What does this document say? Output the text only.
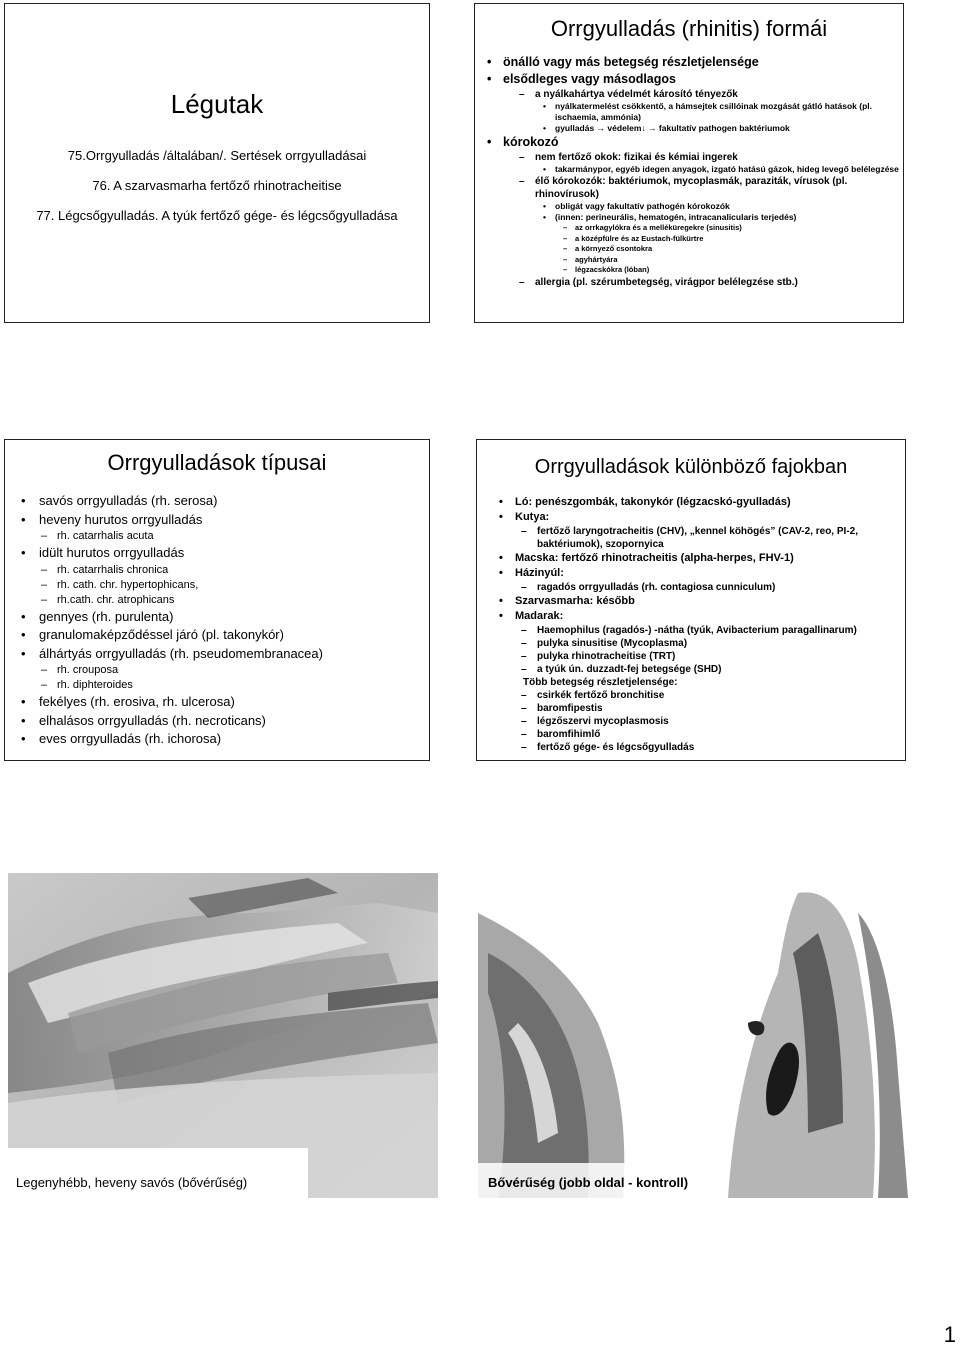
Légutak
75.Orrgyulladás /általában/. Sertések orrgyulladásai
76. A szarvasmarha fertőző rhinotracheitise
77. Légcsőgyulladás. A tyúk fertőző gége- és légcsőgyulladása
Orrgyulladás (rhinitis) formái
• önálló vagy más betegség részletjelensége
• elsődleges vagy másodlagos
– a nyálkahártya védelmét károsító tényezők
• nyálkatermelést csökkentő, a hámsejtek csillóinak mozgását gátló hatások (pl. ischaemia, ammónia)
• gyulladás → védelem↓ → fakultatív pathogen baktériumok
• kórokozó
– nem fertőző okok: fizikai és kémiai ingerek
• takarmánypor, egyéb idegen anyagok, izgató hatású gázok, hideg levegő belélegzése
– élő kórokozók: baktériumok, mycoplasmák, paraziták, vírusok (pl. rhinovírusok)
• obligát vagy fakultatív pathogén kórokozók
• (innen: perineurális, hematogén, intracanalicularis terjedés)
– az orrkagylókra és a melléküregekre (sinusitis)
– a középfülre és az Eustach-fülkürtre
– a környező csontokra
– agyhártyára
– légzacskókra (lóban)
– allergia (pl. szérumbetegség, virágpor belélegzése stb.)
Orrgyulladások típusai
• savós orrgyulladás (rh. serosa)
• heveny hurutos orrgyulladás
– rh. catarrhalis acuta
• idült hurutos orrgyulladás
– rh. catarrhalis chronica
– rh. cath. chr. hypertophicans,
– rh.cath. chr. atrophicans
• gennyes (rh. purulenta)
• granulomaképződéssel járó (pl. takonykór)
• álhártyás orrgyulladás (rh. pseudomembranacea)
– rh. crouposa
– rh. diphteroides
• fekélyes (rh. erosiva, rh. ulcerosa)
• elhalásos orrgyulladás (rh. necroticans)
• eves orrgyulladás (rh. ichorosa)
Orrgyulladások különböző fajokban
• Ló: penészgombák, takonykór (légzacskó-gyulladás)
• Kutya:
– fertőző laryngotracheitis (CHV), „kennel köhögés” (CAV-2, reo, PI-2, baktériumok), szopornyica
• Macska: fertőző rhinotracheitis (alpha-herpes, FHV-1)
• Házinyúl:
– ragadós orrgyulladás (rh. contagiosa cunniculum)
• Szarvasmarha: később
• Madarak:
– Haemophilus (ragadós-) -nátha (tyúk, Avibacterium paragallinarum)
– pulyka sinusitise (Mycoplasma)
– pulyka rhinotracheitise (TRT)
– a tyúk ún. duzzadt-fej betegsége (SHD)
Több betegség részletjelensége:
– csirkék fertőző bronchitise
– baromfipestis
– légzőszervi mycoplasmosis
– baromfihimlő
– fertőző gége- és légcsőgyulladás
Legenyhébb, heveny savós (bővérűség)	Bővérűség (jobb oldal - kontroll)
1
